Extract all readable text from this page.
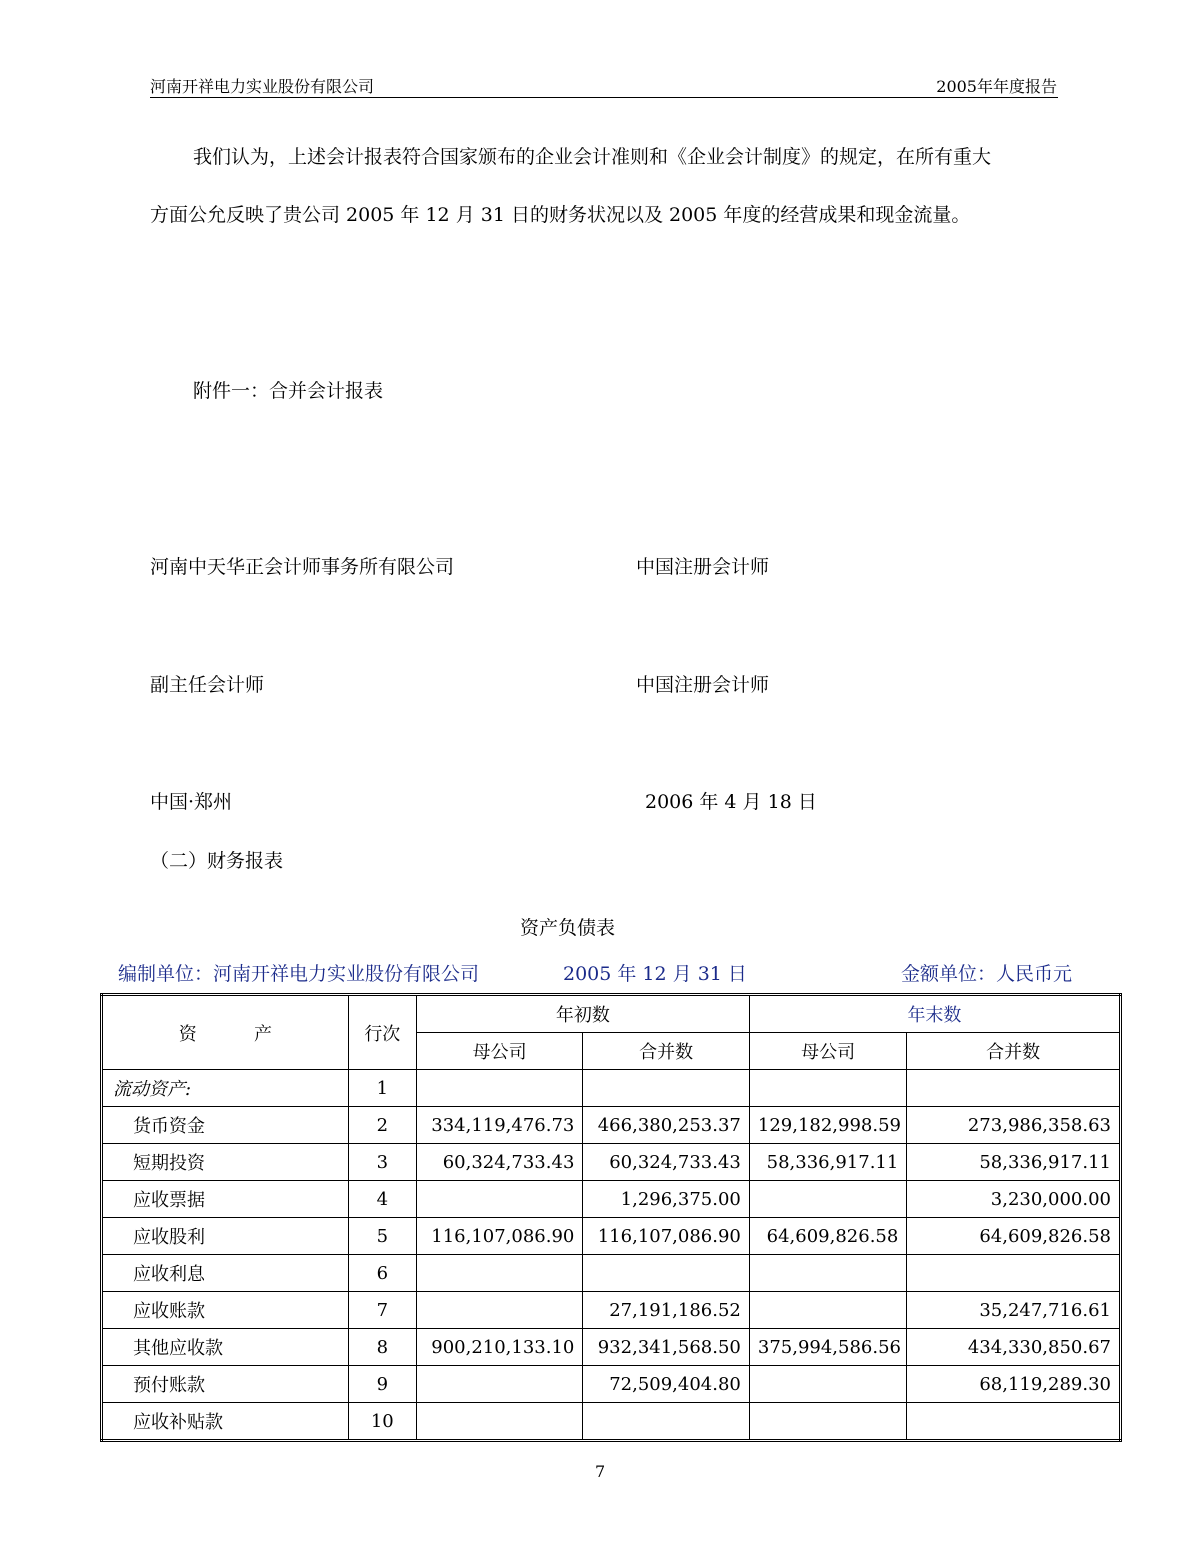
河南开祥电力实业股份有限公司	2005年年度报告
我们认为，上述会计报表符合国家颁布的企业会计准则和《企业会计制度》的规定，在所有重大
方面公允反映了贵公司 2005 年 12 月 31 日的财务状况以及 2005 年度的经营成果和现金流量。
附件一：合并会计报表
河南中天华正会计师事务所有限公司	中国注册会计师
副主任会计师	中国注册会计师
中国·郑州	2006 年 4 月 18 日
（二）财务报表
资产负债表
编制单位：河南开祥电力实业股份有限公司	2005 年 12 月 31 日	金额单位：人民币元
资          产	行次	年初数		年末数	
		母公司	合并数	母公司	合并数
流动资产:	1				
货币资金	2	334,119,476.73	466,380,253.37	129,182,998.59	273,986,358.63
短期投资	3	60,324,733.43	60,324,733.43	58,336,917.11	58,336,917.11
应收票据	4		1,296,375.00		3,230,000.00
应收股利	5	116,107,086.90	116,107,086.90	64,609,826.58	64,609,826.58
应收利息	6				
应收账款	7		27,191,186.52		35,247,716.61
其他应收款	8	900,210,133.10	932,341,568.50	375,994,586.56	434,330,850.67
预付账款	9		72,509,404.80		68,119,289.30
应收补贴款	10				
7
